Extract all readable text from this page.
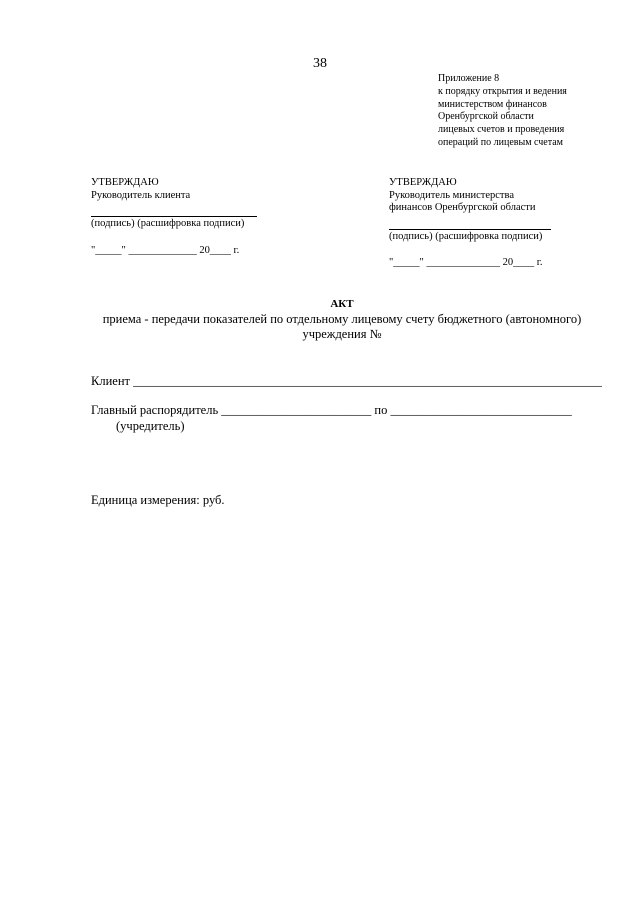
38
Приложение 8
к порядку открытия и ведения
министерством финансов
Оренбургской области
лицевых счетов и проведения
операций по лицевым счетам
УТВЕРЖДАЮ
Руководитель клиента
(подпись) (расшифровка подписи)
"_____" _____________ 20____ г.
УТВЕРЖДАЮ
Руководитель министерства
финансов Оренбургской области
(подпись) (расшифровка подписи)
"_____" ______________ 20____ г.
АКТ
приема - передачи показателей по отдельному лицевому счету бюджетного (автономного)
учреждения №
Клиент ___________________________________________________________________________
Главный распорядитель ________________________ по _____________________________
(учредитель)
Единица измерения: руб.
